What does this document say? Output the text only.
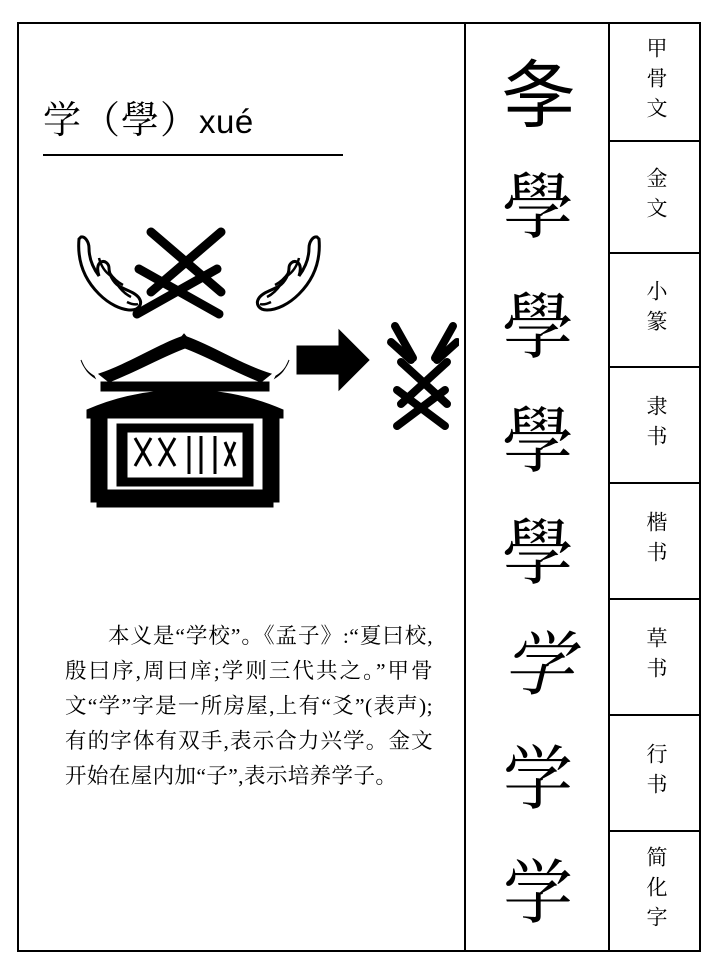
学（學）xué
本义是“学校”。《孟子》:“夏曰校,殷曰序,周曰庠;学则三代共之。”甲骨文“学”字是一所房屋,上有“爻”(表声);有的字体有双手,表示合力兴学。金文开始在屋内加“子”,表示培养学子。
𡕕
學
學
學
學
学
学
学
甲骨文
金文
小篆
隶书
楷书
草书
行书
简化字
